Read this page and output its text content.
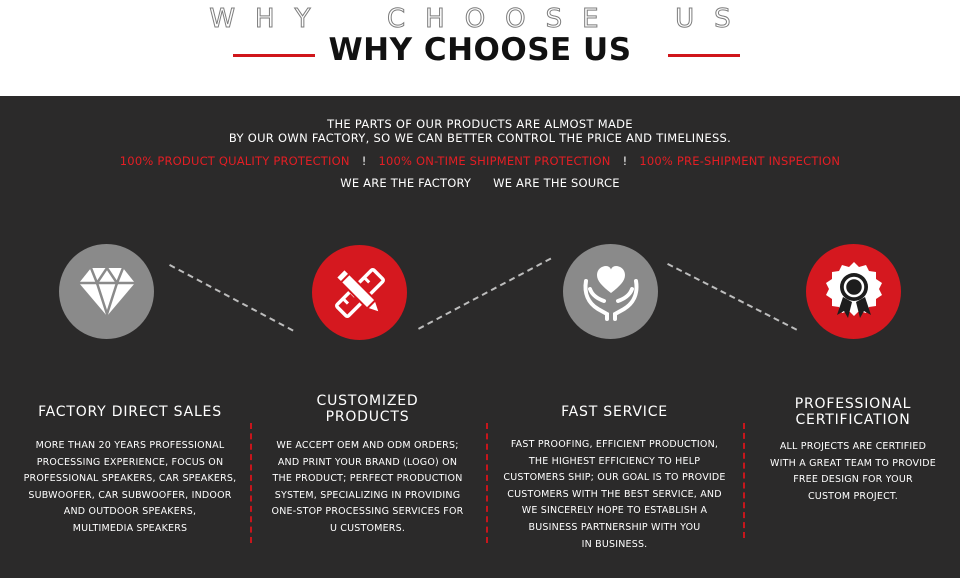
WHY  CHOOSE  US
WHY CHOOSE US
THE PARTS OF OUR PRODUCTS ARE ALMOST MADE
BY OUR OWN FACTORY, SO WE CAN BETTER CONTROL THE PRICE AND TIMELINESS.
100% PRODUCT QUALITY PROTECTION ! 100% ON-TIME SHIPMENT PROTECTION ! 100% PRE-SHIPMENT INSPECTION
WE ARE THE FACTORY WE ARE THE SOURCE
FACTORY DIRECT SALES
MORE THAN 20 YEARS PROFESSIONAL
PROCESSING EXPERIENCE, FOCUS ON
PROFESSIONAL SPEAKERS, CAR SPEAKERS,
SUBWOOFER, CAR SUBWOOFER, INDOOR
AND OUTDOOR SPEAKERS,
MULTIMEDIA SPEAKERS
CUSTOMIZED
PRODUCTS
WE ACCEPT OEM AND ODM ORDERS;
AND PRINT YOUR BRAND (LOGO) ON
THE PRODUCT; PERFECT PRODUCTION
SYSTEM, SPECIALIZING IN PROVIDING
ONE-STOP PROCESSING SERVICES FOR
U CUSTOMERS.
FAST SERVICE
FAST PROOFING, EFFICIENT PRODUCTION,
THE HIGHEST EFFICIENCY TO HELP
CUSTOMERS SHIP; OUR GOAL IS TO PROVIDE
CUSTOMERS WITH THE BEST SERVICE, AND
WE SINCERELY HOPE TO ESTABLISH A
BUSINESS PARTNERSHIP WITH YOU
IN BUSINESS.
PROFESSIONAL
CERTIFICATION
ALL PROJECTS ARE CERTIFIED
WITH A GREAT TEAM TO PROVIDE
FREE DESIGN FOR YOUR
CUSTOM PROJECT.
